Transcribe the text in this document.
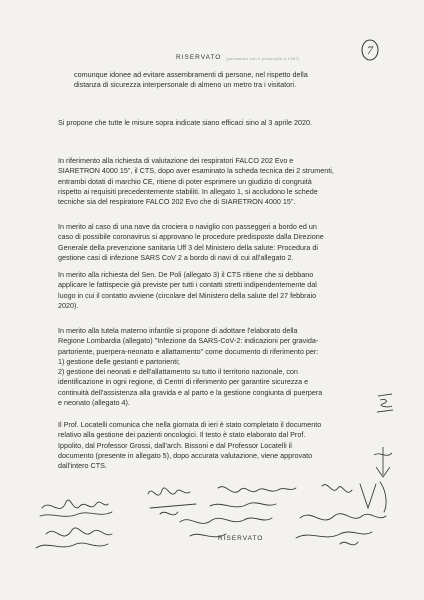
RISERVATO (pervenuto con il protocollo n.1357)
7

comunque idonee ad evitare assembramenti di persone, nel rispetto della
distanza di sicurezza interpersonale di almeno un metro tra i visitatori.

Si propone che tutte le misure sopra indicate siano efficaci sino al 3 aprile 2020.

In riferimento alla richiesta di valutazione dei respiratori FALCO 202 Evo e
SIARETRON 4000 15", il CTS, dopo aver esaminato la scheda tecnica dei 2 strumenti,
entrambi dotati di marchio CE, ritiene di poter esprimere un giudizio di congruità
rispetto ai requisiti precedentemente stabiliti. In allegato 1, si accludono le schede
tecniche sia del respiratore FALCO 202 Evo che di SIARETRON 4000 15".

In merito al caso di una nave da crociera o naviglio con passeggeri a bordo ed un
caso di possibile coronavirus si approvano le procedure predisposte dalla Direzione
Generale della prevenzione sanitaria Uff 3 del Ministero della salute: Procedura di
gestione casi di infezione SARS CoV 2 a bordo di navi di cui all'allegato 2.

In merito alla richiesta del Sen. De Poli (allegato 3) il CTS ritiene che si debbano
applicare le fattispecie già previste per tutti i contatti stretti indipendentemente dal
luogo in cui il contatto avviene (circolare del Ministero della salute del 27 febbraio
2020).

In merito alla tutela materno infantile si propone di adottare l'elaborato della
Regione Lombardia (allegato) "Infezione da SARS-CoV-2: indicazioni per gravida-
partoriente, puerpera-neonato e allattamento" come documento di riferimento per:
1) gestione delle gestanti e partorienti;
2) gestione dei neonati e dell'allattamento su tutto il territorio nazionale, con
identificazione in ogni regione, di Centri di riferimento per garantire sicurezza e
continuità dell'assistenza alla gravida e al parto e la gestione congiunta di puerpera
e neonato (allegato 4).

Il Prof. Locatelli comunica che nella giornata di ieri è stato completato il documento
relativo alla gestione dei pazienti oncologici. Il testo è stato elaborato dal Prof.
Ippolito, dal Professor Grossi, dall'arch. Bissoni e dal Professor Locatelli il
documento (presente in allegato 5), dopo accurata valutazione, viene approvato
dall'intero CTS.

RISERVATO
